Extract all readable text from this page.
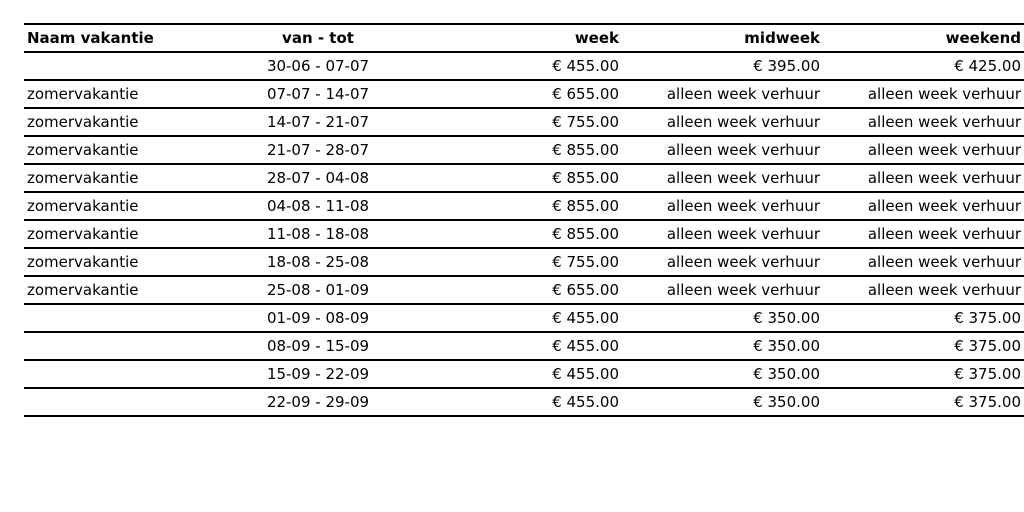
Naam vakantie	van - tot	week	midweek	weekend
	30-06 - 07-07	€ 455.00	€ 395.00	€ 425.00
zomervakantie	07-07 - 14-07	€ 655.00	alleen week verhuur	alleen week verhuur
zomervakantie	14-07 - 21-07	€ 755.00	alleen week verhuur	alleen week verhuur
zomervakantie	21-07 - 28-07	€ 855.00	alleen week verhuur	alleen week verhuur
zomervakantie	28-07 - 04-08	€ 855.00	alleen week verhuur	alleen week verhuur
zomervakantie	04-08 - 11-08	€ 855.00	alleen week verhuur	alleen week verhuur
zomervakantie	11-08 - 18-08	€ 855.00	alleen week verhuur	alleen week verhuur
zomervakantie	18-08 - 25-08	€ 755.00	alleen week verhuur	alleen week verhuur
zomervakantie	25-08 - 01-09	€ 655.00	alleen week verhuur	alleen week verhuur
	01-09 - 08-09	€ 455.00	€ 350.00	€ 375.00
	08-09 - 15-09	€ 455.00	€ 350.00	€ 375.00
	15-09 - 22-09	€ 455.00	€ 350.00	€ 375.00
	22-09 - 29-09	€ 455.00	€ 350.00	€ 375.00
